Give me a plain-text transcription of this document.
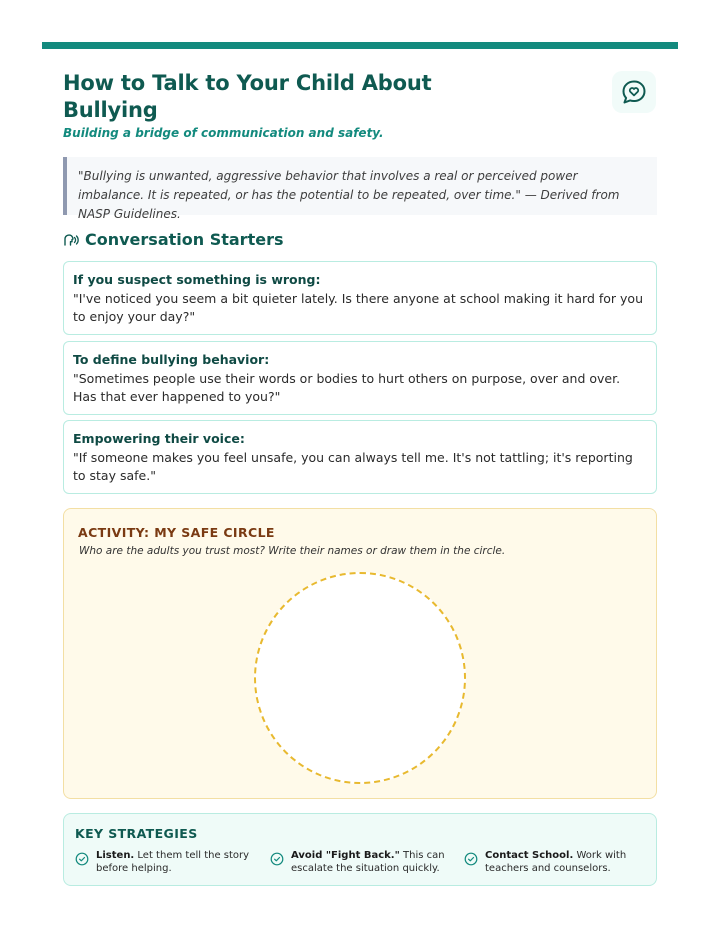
How to Talk to Your Child About Bullying
Building a bridge of communication and safety.
"Bullying is unwanted, aggressive behavior that involves a real or perceived power imbalance. It is repeated, or has the potential to be repeated, over time." — Derived from NASP Guidelines.
Conversation Starters
If you suspect something is wrong:
"I've noticed you seem a bit quieter lately. Is there anyone at school making it hard for you to enjoy your day?"
To define bullying behavior:
"Sometimes people use their words or bodies to hurt others on purpose, over and over. Has that ever happened to you?"
Empowering their voice:
"If someone makes you feel unsafe, you can always tell me. It's not tattling; it's reporting to stay safe."
ACTIVITY: MY SAFE CIRCLE
Who are the adults you trust most? Write their names or draw them in the circle.
KEY STRATEGIES
Listen. Let them tell the story before helping.
Avoid "Fight Back." This can escalate the situation quickly.
Contact School. Work with teachers and counselors.
